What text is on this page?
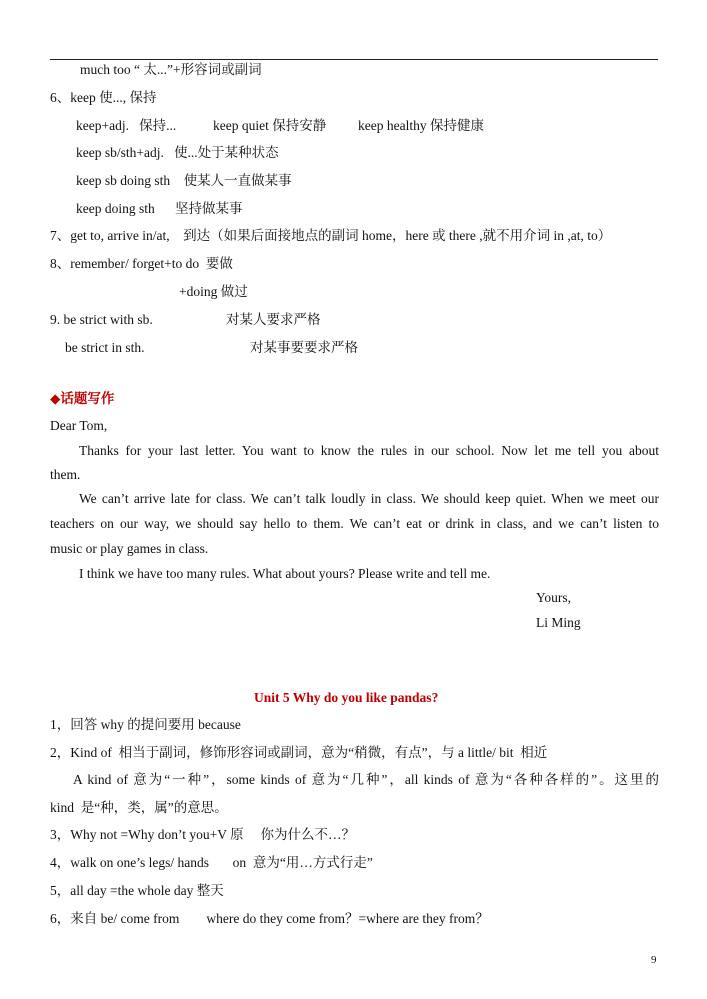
much too “ 太...”+形容词或副词
6、keep 使..., 保持
keep+adj.   保持...	keep quiet 保持安静 keep healthy 保持健康
keep sb/sth+adj.   使...处于某种状态
keep sb doing sth    使某人一直做某事
keep doing sth      坚持做某事
7、get to, arrive in/at,    到达（如果后面接地点的副词 home，here 或 there ,就不用介词 in ,at, to）
8、remember/ forget+to do  要做
+doing 做过
9. be strict with sb.	对某人要求严格
be strict in sth.	对某事要要求严格
◆话题写作
Dear Tom,
Thanks for your last letter. You want to know the rules in our school. Now let me tell you about
them.
We can’t arrive late for class. We can’t talk loudly in class. We should keep quiet. When we meet our
teachers on our way, we should say hello to them. We can’t eat or drink in class, and we can’t listen to
music or play games in class.
I think we have too many rules. What about yours? Please write and tell me.
Yours,
Li Ming
Unit 5 Why do you like pandas?
1，回答 why 的提问要用 because
2，Kind of  相当于副词，修饰形容词或副词，意为“稍微，有点”，与 a little/ bit  相近
A kind of 意为“一种”，some kinds of 意为“几种”，all kinds of 意为“各种各样的”。这里的
kind  是“种，类，属”的意思。
3，Why not =Why don’t you+V 原     你为什么不…？
4，walk on one’s legs/ hands       on  意为“用…方式行走”
5，all day =the whole day 整天
6，来自 be/ come from        where do they come from？=where are they from？
9
